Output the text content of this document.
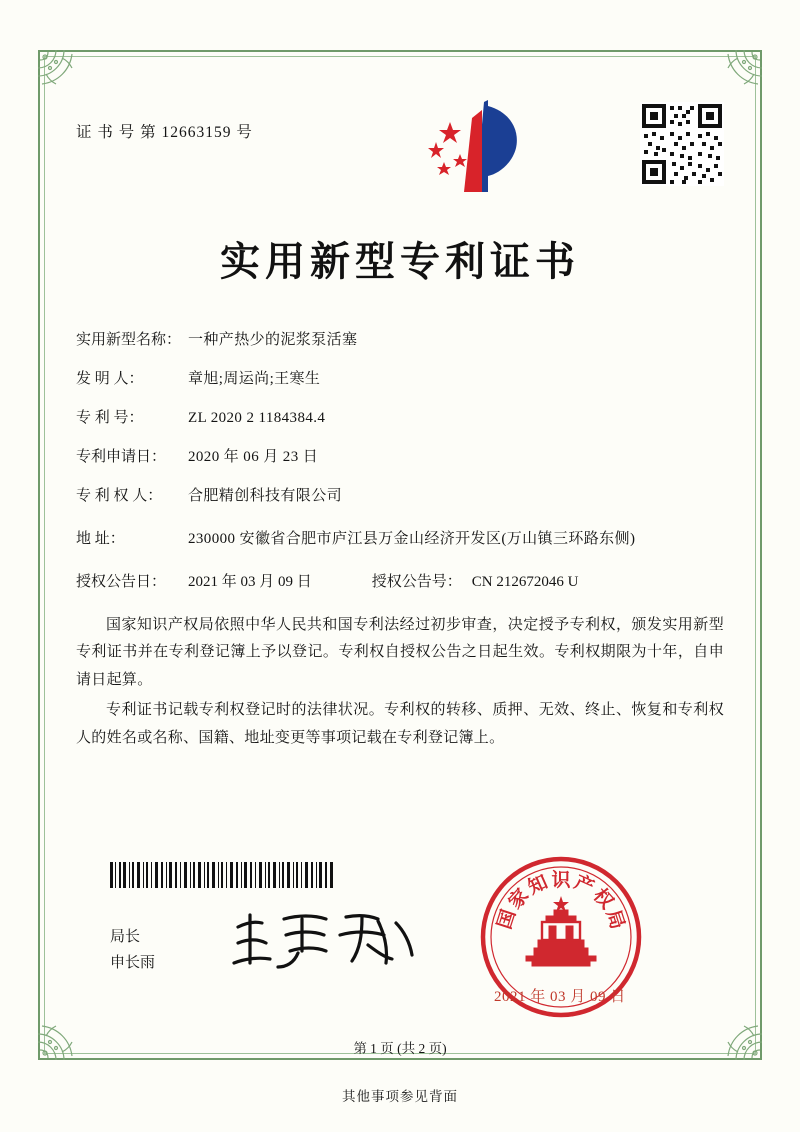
证 书 号 第 12663159 号
实用新型专利证书
实用新型名称： 一种产热少的泥浆泵活塞
发 明 人：	章旭;周运尚;王寒生
专 利 号：	ZL 2020 2 1184384.4
专利申请日：	2020 年 06 月 23 日
专 利 权 人：	合肥精创科技有限公司
地 址：	230000 安徽省合肥市庐江县万金山经济开发区(万山镇三环路东侧)
授权公告日：	2021 年 03 月 09 日	授权公告号： CN 212672046 U

国家知识产权局依照中华人民共和国专利法经过初步审查，决定授予专利权，颁发实用新型专利证书并在专利登记簿上予以登记。专利权自授权公告之日起生效。专利权期限为十年，自申请日起算。

专利证书记载专利权登记时的法律状况。专利权的转移、质押、无效、终止、恢复和专利权人的姓名或名称、国籍、地址变更等事项记载在专利登记簿上。

局长
申长雨
国
家
知 识 产
权
局
2021 年 03 月 09 日
第 1 页 (共 2 页)
其他事项参见背面
